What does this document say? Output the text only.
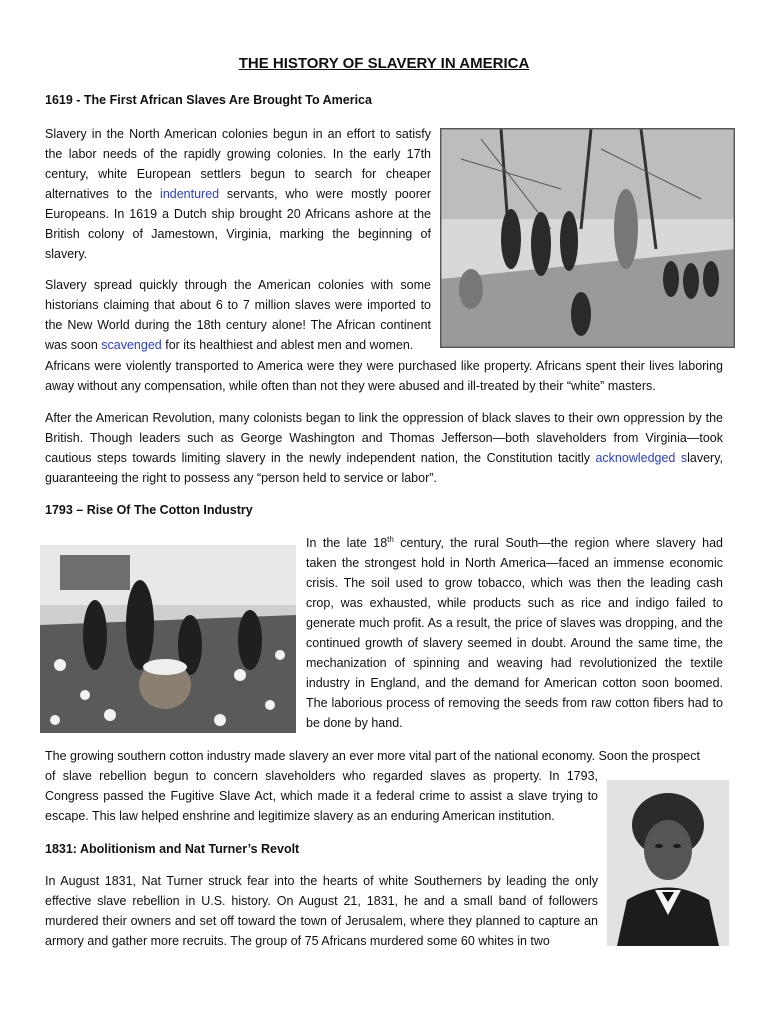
THE HISTORY OF SLAVERY IN AMERICA
1619 - The First African Slaves Are Brought To America

Slavery in the North American colonies begun in an effort to satisfy the labor needs of the rapidly growing colonies. In the early 17th century, white European settlers begun to search for cheaper alternatives to the indentured servants, who were mostly poorer Europeans. In 1619 a Dutch ship brought 20 Africans ashore at the British colony of Jamestown, Virginia, marking the beginning of slavery.

Slavery spread quickly through the American colonies with some historians claiming that about 6 to 7 million slaves were imported to the New World during the 18th century alone! The African continent was soon scavenged for its healthiest and ablest men and women.

Africans were violently transported to America were they were purchased like property. Africans spent their lives laboring away without any compensation, while often than not they were abused and ill-treated by their “white” masters.

After the American Revolution, many colonists began to link the oppression of black slaves to their own oppression by the British. Though leaders such as George Washington and Thomas Jefferson—both slaveholders from Virginia—took cautious steps towards limiting slavery in the newly independent nation, the Constitution tacitly acknowledged slavery, guaranteeing the right to possess any “person held to service or labor”.

1793 – Rise Of The Cotton Industry

In the late 18th century, the rural South—the region where slavery had taken the strongest hold in North America—faced an immense economic crisis. The soil used to grow tobacco, which was then the leading cash crop, was exhausted, while products such as rice and indigo failed to generate much profit. As a result, the price of slaves was dropping, and the continued growth of slavery seemed in doubt. Around the same time, the mechanization of spinning and weaving had revolutionized the textile industry in England, and the demand for American cotton soon boomed. The laborious process of removing the seeds from raw cotton fibers had to be done by hand.

The growing southern cotton industry made slavery an ever more vital part of the national economy. Soon the prospect

of slave rebellion begun to concern slaveholders who regarded slaves as property. In 1793, Congress passed the Fugitive Slave Act, which made it a federal crime to assist a slave trying to escape. This law helped enshrine and legitimize slavery as an enduring American institution.

1831: Abolitionism and Nat Turner’s Revolt

In August 1831, Nat Turner struck fear into the hearts of white Southerners by leading the only effective slave rebellion in U.S. history. On August 21, 1831, he and a small band of followers murdered their owners and set off toward the town of Jerusalem, where they planned to capture an armory and gather more recruits. The group of 75 Africans murdered some 60 whites in two
